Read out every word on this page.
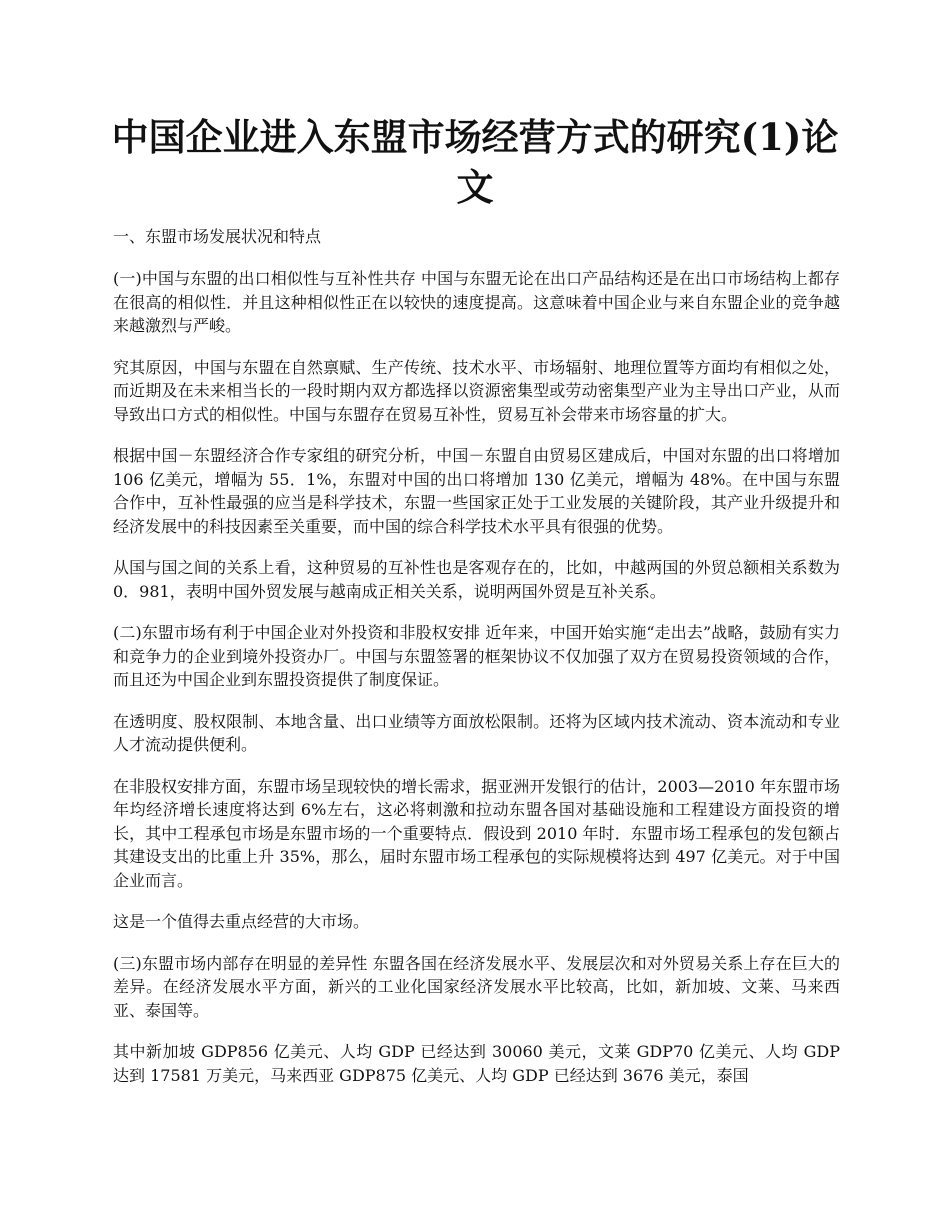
中国企业进入东盟市场经营方式的研究(1)论文

一、东盟市场发展状况和特点

(一)中国与东盟的出口相似性与互补性共存 中国与东盟无论在出口产品结构还是在出口市场结构上都存在很高的相似性．并且这种相似性正在以较快的速度提高。这意味着中国企业与来自东盟企业的竞争越来越激烈与严峻。

究其原因，中国与东盟在自然禀赋、生产传统、技术水平、市场辐射、地理位置等方面均有相似之处，而近期及在未来相当长的一段时期内双方都选择以资源密集型或劳动密集型产业为主导出口产业，从而导致出口方式的相似性。中国与东盟存在贸易互补性，贸易互补会带来市场容量的扩大。

根据中国－东盟经济合作专家组的研究分析，中国－东盟自由贸易区建成后，中国对东盟的出口将增加 106 亿美元，增幅为 55．1%，东盟对中国的出口将增加 130 亿美元，增幅为 48%。在中国与东盟合作中，互补性最强的应当是科学技术，东盟一些国家正处于工业发展的关键阶段，其产业升级提升和经济发展中的科技因素至关重要，而中国的综合科学技术水平具有很强的优势。

从国与国之间的关系上看，这种贸易的互补性也是客观存在的，比如，中越两国的外贸总额相关系数为 0．981，表明中国外贸发展与越南成正相关关系，说明两国外贸是互补关系。

(二)东盟市场有利于中国企业对外投资和非股权安排 近年来，中国开始实施“走出去”战略，鼓励有实力和竞争力的企业到境外投资办厂。中国与东盟签署的框架协议不仅加强了双方在贸易投资领域的合作，而且还为中国企业到东盟投资提供了制度保证。

在透明度、股权限制、本地含量、出口业绩等方面放松限制。还将为区域内技术流动、资本流动和专业人才流动提供便利。

在非股权安排方面，东盟市场呈现较快的增长需求，据亚洲开发银行的估计，2003—2010 年东盟市场年均经济增长速度将达到 6%左右，这必将刺激和拉动东盟各国对基础设施和工程建设方面投资的增长，其中工程承包市场是东盟市场的一个重要特点．假设到 2010 年时．东盟市场工程承包的发包额占其建设支出的比重上升 35%，那么，届时东盟市场工程承包的实际规模将达到 497 亿美元。对于中国企业而言。

这是一个值得去重点经营的大市场。

(三)东盟市场内部存在明显的差异性 东盟各国在经济发展水平、发展层次和对外贸易关系上存在巨大的差异。在经济发展水平方面，新兴的工业化国家经济发展水平比较高，比如，新加坡、文莱、马来西亚、泰国等。

其中新加坡 GDP856 亿美元、人均 GDP 已经达到 30060 美元，文莱 GDP70 亿美元、人均 GDP 达到 17581 万美元，马来西亚 GDP875 亿美元、人均 GDP 已经达到 3676 美元，泰国
